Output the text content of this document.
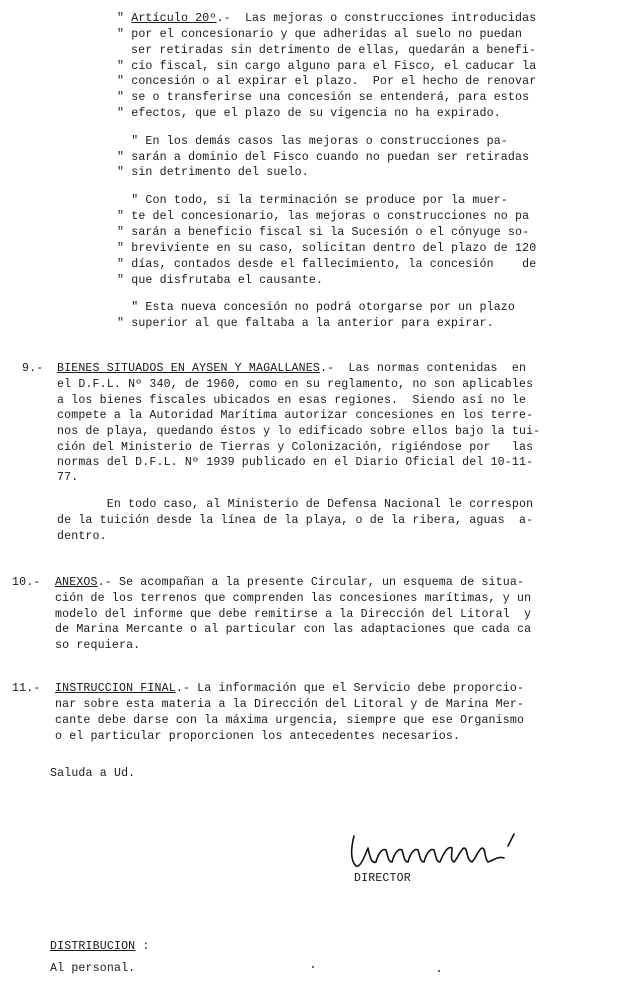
" Artículo 20º.-  Las mejoras o construcciones introducidas
" por el concesionario y que adheridas al suelo no puedan
ser retiradas sin detrimento de ellas, quedarán a benefi-
" cio fiscal, sin cargo alguno para el Fisco, el caducar la
" concesión o al expirar el plazo.  Por el hecho de renovar
" se o transferirse una concesión se entenderá, para estos
" efectos, que el plazo de su vigencia no ha expirado.
" En los demás casos las mejoras o construcciones pa-
" sarán a dominio del Fisco cuando no puedan ser retiradas
" sin detrimento del suelo.
" Con todo, si la terminación se produce por la muer-
" te del concesionario, las mejoras o construcciones no pa
" sarán a beneficio fiscal si la Sucesión o el cónyuge so-
" breviviente en su caso, solicitan dentro del plazo de 120
" días, contados desde el fallecimiento, la concesión    de
" que disfrutaba el causante.
" Esta nueva concesión no podrá otorgarse por un plazo
" superior al que faltaba a la anterior para expirar.
9.- BIENES SITUADOS EN AYSEN Y MAGALLANES.-  Las normas contenidas  en
el D.F.L. Nº 340, de 1960, como en su reglamento, no son aplicables
a los bienes fiscales ubicados en esas regiones.  Siendo así no le
compete a la Autoridad Marítima autorizar concesiones en los terre-
nos de playa, quedando éstos y lo edificado sobre ellos bajo la tui-
ción del Ministerio de Tierras y Colonización, rigiéndose por   las
normas del D.F.L. Nº 1939 publicado en el Diario Oficial del 10-11-
77.
En todo caso, al Ministerio de Defensa Nacional le correspon
de la tuición desde la línea de la playa, o de la ribera, aguas  a-
dentro.
10.- ANEXOS.- Se acompañan a la presente Circular, un esquema de situa-
ción de los terrenos que comprenden las concesiones marítimas, y un
modelo del informe que debe remitirse a la Dirección del Litoral  y
de Marina Mercante o al particular con las adaptaciones que cada ca
so requiera.
11.- INSTRUCCION FINAL.- La información que el Servicio debe proporcio-
nar sobre esta materia a la Dirección del Litoral y de Marina Mer-
cante debe darse con la máxima urgencia, siempre que ese Organismo
o el particular proporcionen los antecedentes necesarios.
Saluda a Ud.
DIRECTOR
DISTRIBUCION :
Al personal.
